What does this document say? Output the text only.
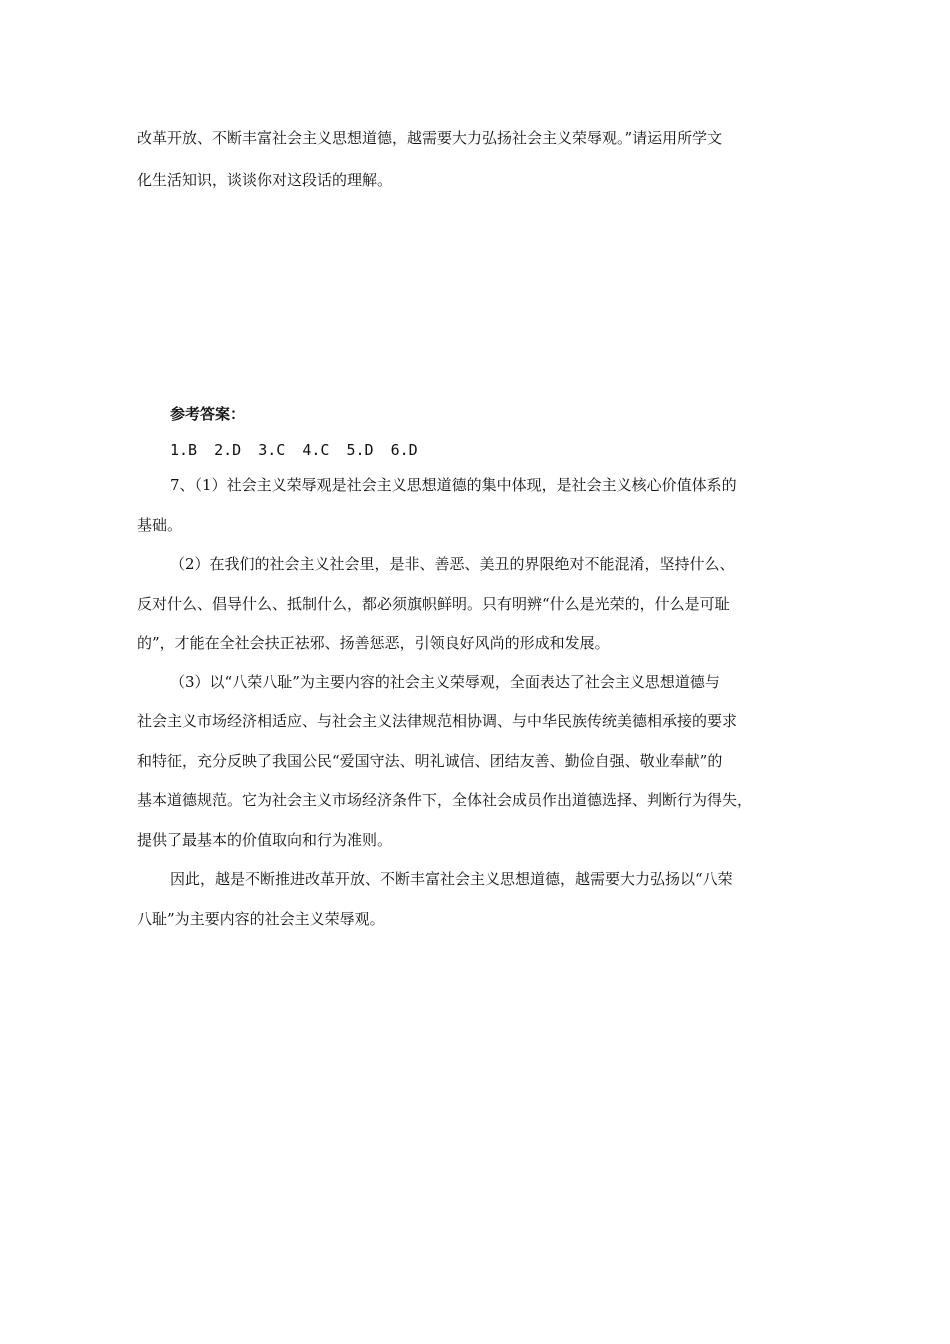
改革开放、不断丰富社会主义思想道德，越需要大力弘扬社会主义荣辱观。”请运用所学文
化生活知识，谈谈你对这段话的理解。
参考答案：
1.B 2.D 3.C 4.C 5.D 6.D
7、（1）社会主义荣辱观是社会主义思想道德的集中体现，是社会主义核心价值体系的
基础。
（2）在我们的社会主义社会里，是非、善恶、美丑的界限绝对不能混淆，坚持什么、
反对什么、倡导什么、抵制什么，都必须旗帜鲜明。只有明辨“什么是光荣的，什么是可耻
的”，才能在全社会扶正祛邪、扬善惩恶，引领良好风尚的形成和发展。
（3）以“八荣八耻”为主要内容的社会主义荣辱观，全面表达了社会主义思想道德与
社会主义市场经济相适应、与社会主义法律规范相协调、与中华民族传统美德相承接的要求
和特征，充分反映了我国公民“爱国守法、明礼诚信、团结友善、勤俭自强、敬业奉献”的
基本道德规范。它为社会主义市场经济条件下，全体社会成员作出道德选择、判断行为得失，
提供了最基本的价值取向和行为准则。
因此，越是不断推进改革开放、不断丰富社会主义思想道德，越需要大力弘扬以“八荣
八耻”为主要内容的社会主义荣辱观。
